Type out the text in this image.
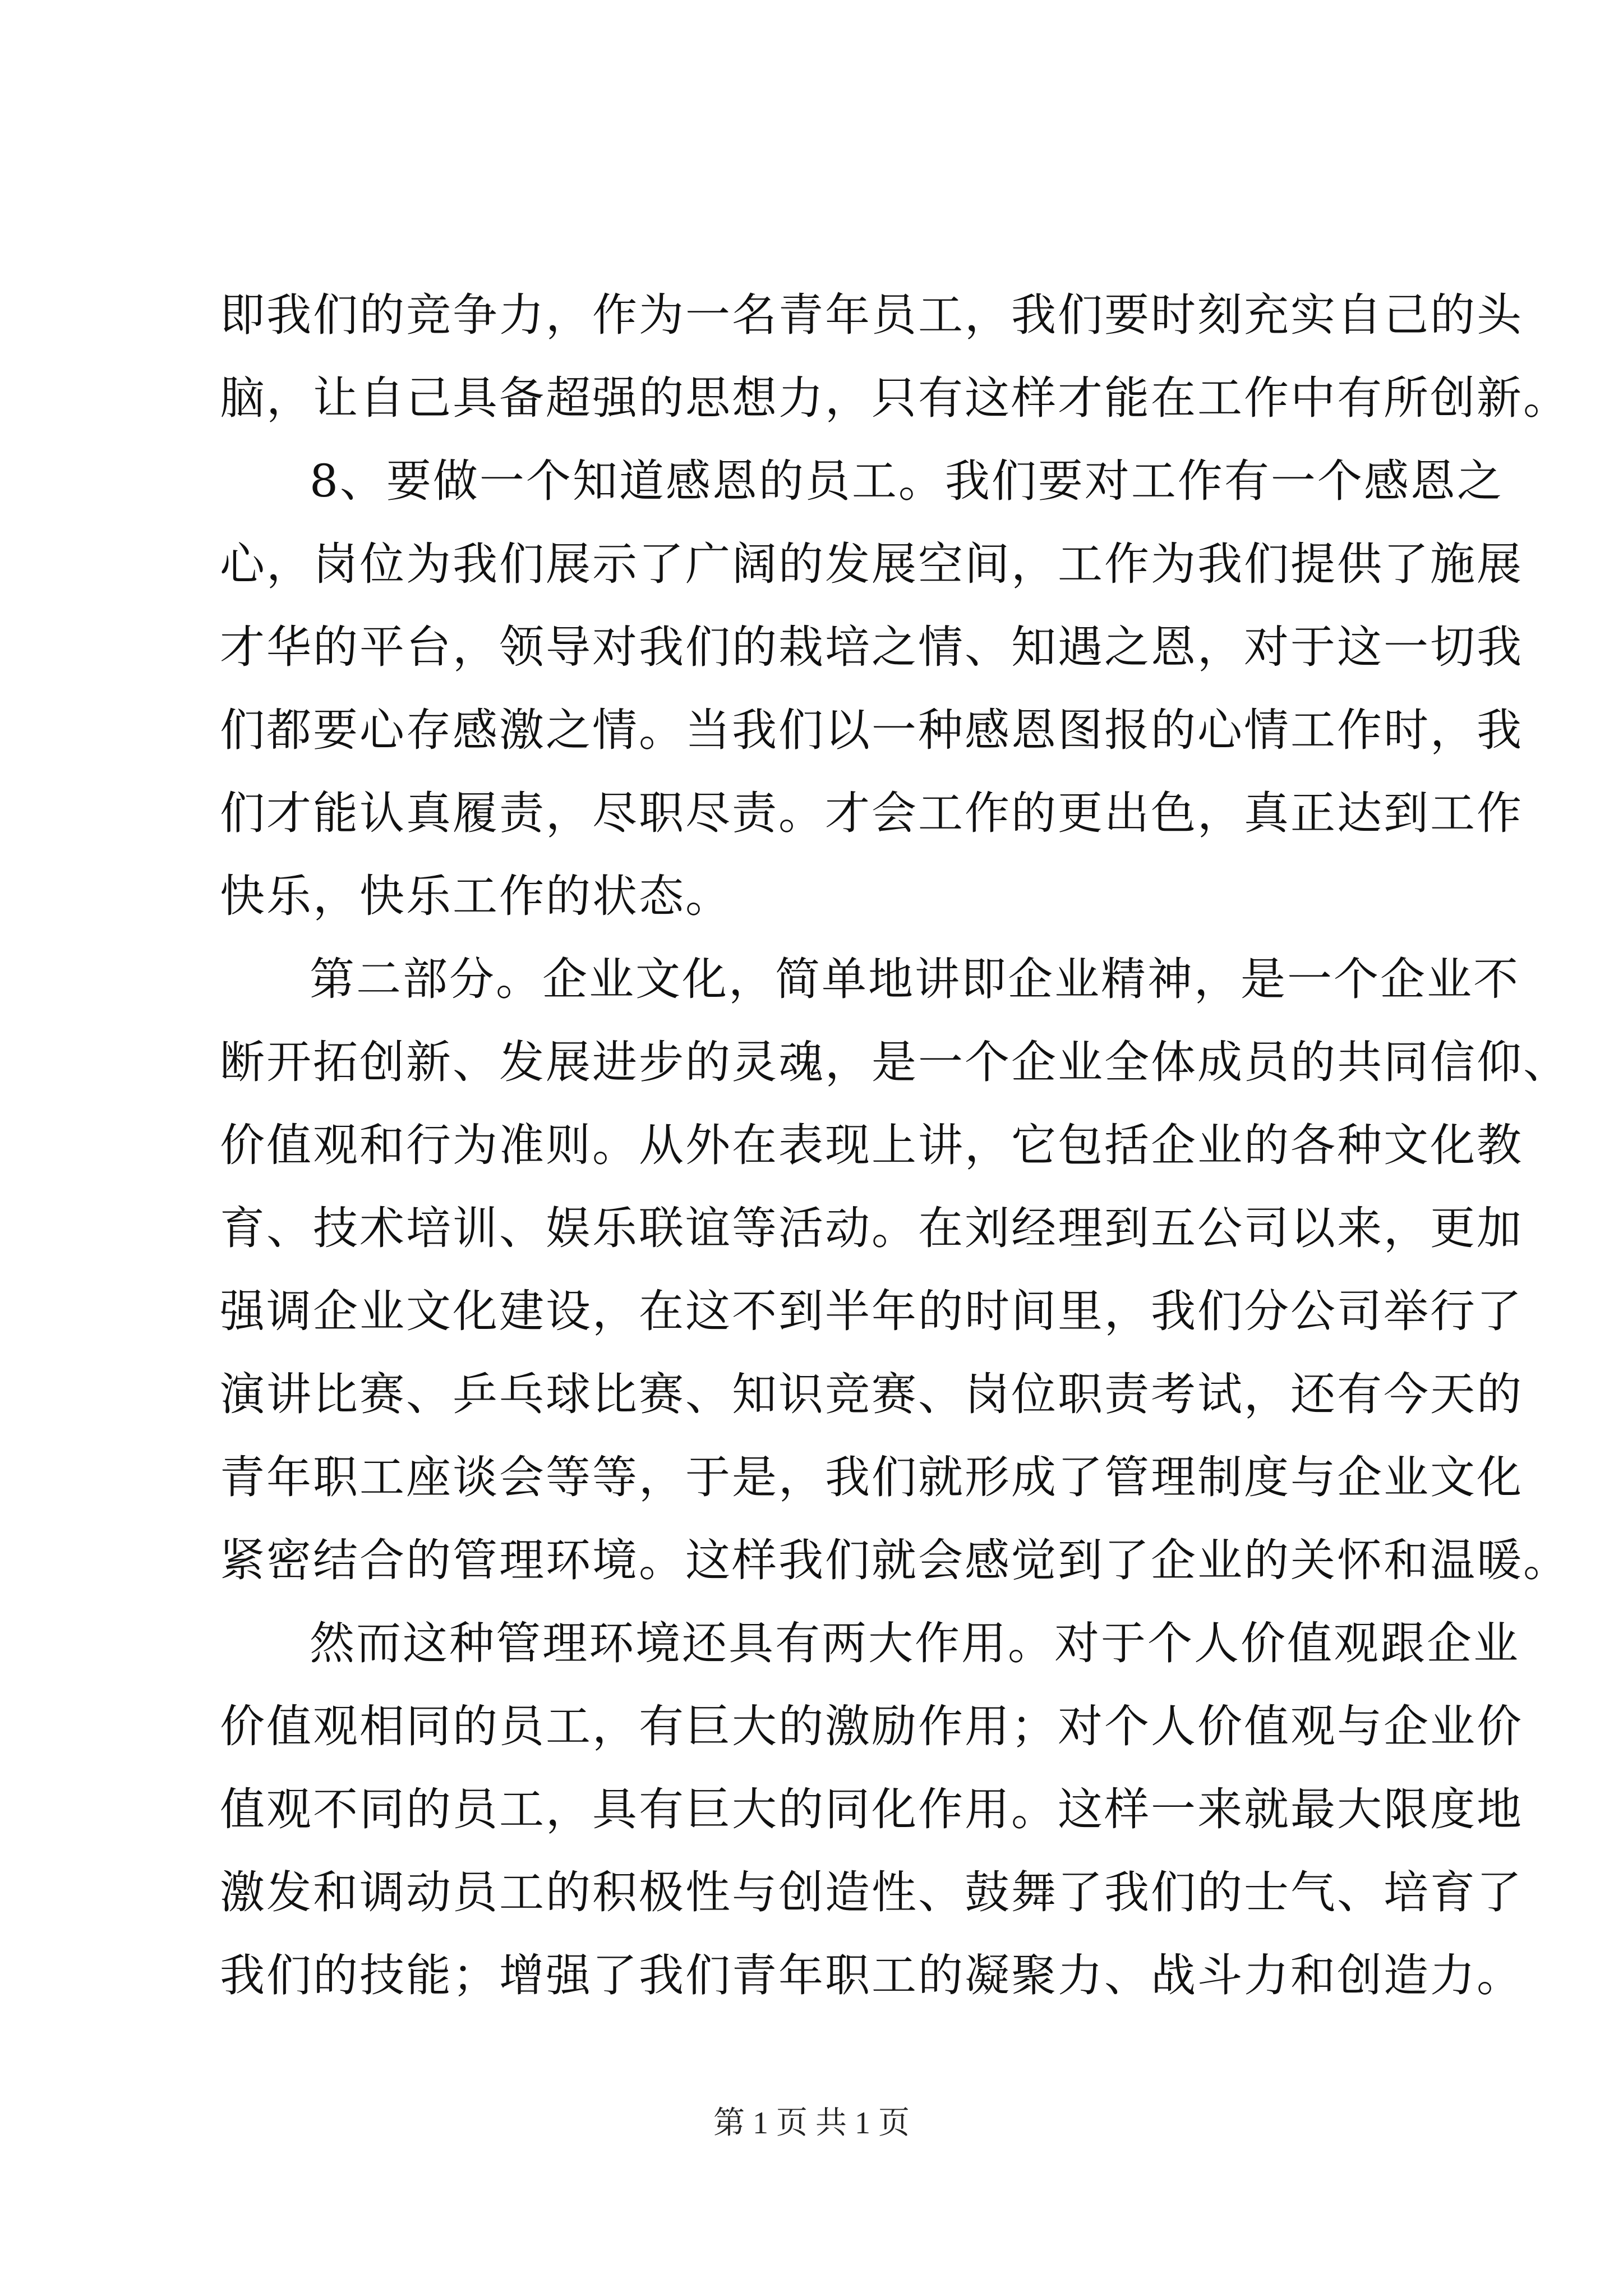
即我们的竞争力，作为一名青年员工，我们要时刻充实自己的头
脑，让自己具备超强的思想力，只有这样才能在工作中有所创新。
8、要做一个知道感恩的员工。我们要对工作有一个感恩之
心，岗位为我们展示了广阔的发展空间，工作为我们提供了施展
才华的平台，领导对我们的栽培之情、知遇之恩，对于这一切我
们都要心存感激之情。当我们以一种感恩图报的心情工作时，我
们才能认真履责，尽职尽责。才会工作的更出色，真正达到工作
快乐，快乐工作的状态。
第二部分。企业文化，简单地讲即企业精神，是一个企业不
断开拓创新、发展进步的灵魂，是一个企业全体成员的共同信仰、
价值观和行为准则。从外在表现上讲，它包括企业的各种文化教
育、技术培训、娱乐联谊等活动。在刘经理到五公司以来，更加
强调企业文化建设，在这不到半年的时间里，我们分公司举行了
演讲比赛、乒乓球比赛、知识竞赛、岗位职责考试，还有今天的
青年职工座谈会等等，于是，我们就形成了管理制度与企业文化
紧密结合的管理环境。这样我们就会感觉到了企业的关怀和温暖。
然而这种管理环境还具有两大作用。对于个人价值观跟企业
价值观相同的员工，有巨大的激励作用；对个人价值观与企业价
值观不同的员工，具有巨大的同化作用。这样一来就最大限度地
激发和调动员工的积极性与创造性、鼓舞了我们的士气、培育了
我们的技能；增强了我们青年职工的凝聚力、战斗力和创造力。
第 1 页 共 1 页
